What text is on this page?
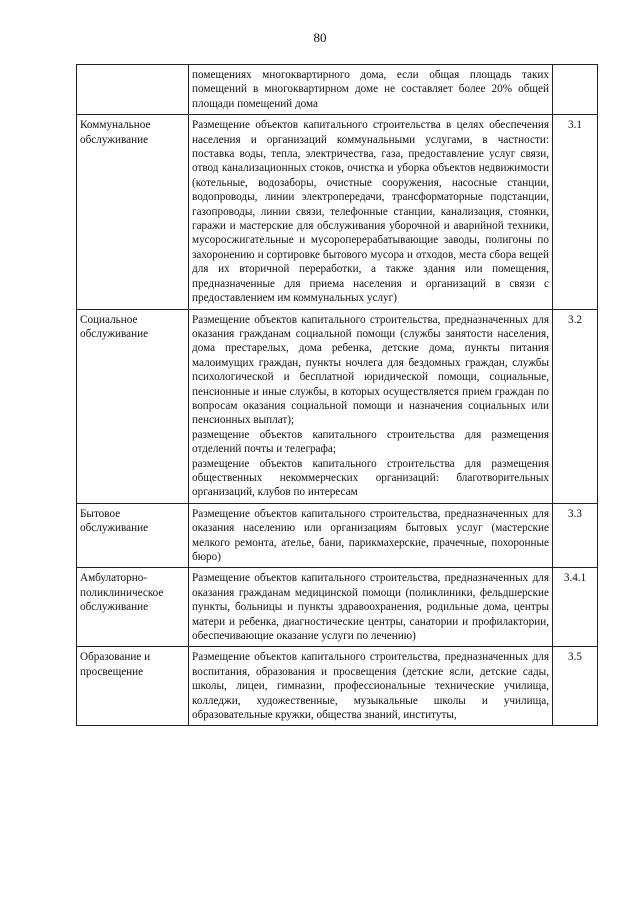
80

	помещениях многоквартирного дома, если общая площадь таких помещений в многоквартирном доме не составляет более 20% общей площади помещений дома	

Коммунальное обслуживание	Размещение объектов капитального строительства в целях обеспечения населения и организаций коммунальными услугами, в частности: поставка воды, тепла, электричества, газа, предоставление услуг связи, отвод канализационных стоков, очистка и уборка объектов недвижимости (котельные, водозаборы, очистные сооружения, насосные станции, водопроводы, линии электропередачи, трансформаторные подстанции, газопроводы, линии связи, телефонные станции, канализация, стоянки, гаражи и мастерские для обслуживания уборочной и аварийной техники, мусоросжигательные и мусороперерабатывающие заводы, полигоны по захоронению и сортировке бытового мусора и отходов, места сбора вещей для их вторичной переработки, а также здания или помещения, предназначенные для приема населения и организаций в связи с предоставлением им коммунальных услуг)	3.1
Социальное обслуживание	Размещение объектов капитального строительства, предназначенных для оказания гражданам социальной помощи (службы занятости населения, дома престарелых, дома ребенка, детские дома, пункты питания малоимущих граждан, пункты ночлега для бездомных граждан, службы психологической и бесплатной юридической помощи, социальные, пенсионные и иные службы, в которых осуществляется прием граждан по вопросам оказания социальной помощи и назначения социальных или пенсионных выплат);
размещение объектов капитального строительства для размещения отделений почты и телеграфа;
размещение объектов капитального строительства для размещения общественных некоммерческих организаций: благотворительных организаций, клубов по интересам	3.2
Бытовое обслуживание	Размещение объектов капитального строительства, предназначенных для оказания населению или организациям бытовых услуг (мастерские мелкого ремонта, ателье, бани, парикмахерские, прачечные, похоронные бюро)	3.3
Амбулаторно-поликлиническое обслуживание	Размещение объектов капитального строительства, предназначенных для оказания гражданам медицинской помощи (поликлиники, фельдшерские пункты, больницы и пункты здравоохранения, родильные дома, центры матери и ребенка, диагностические центры, санатории и профилактории, обеспечивающие оказание услуги по лечению)	3.4.1
Образование и просвещение	Размещение объектов капитального строительства, предназначенных для воспитания, образования и просвещения (детские ясли, детские сады, школы, лицеи, гимназии, профессиональные технические училища, колледжи, художественные, музыкальные школы и училища, образовательные кружки, общества знаний, институты,	3.5
